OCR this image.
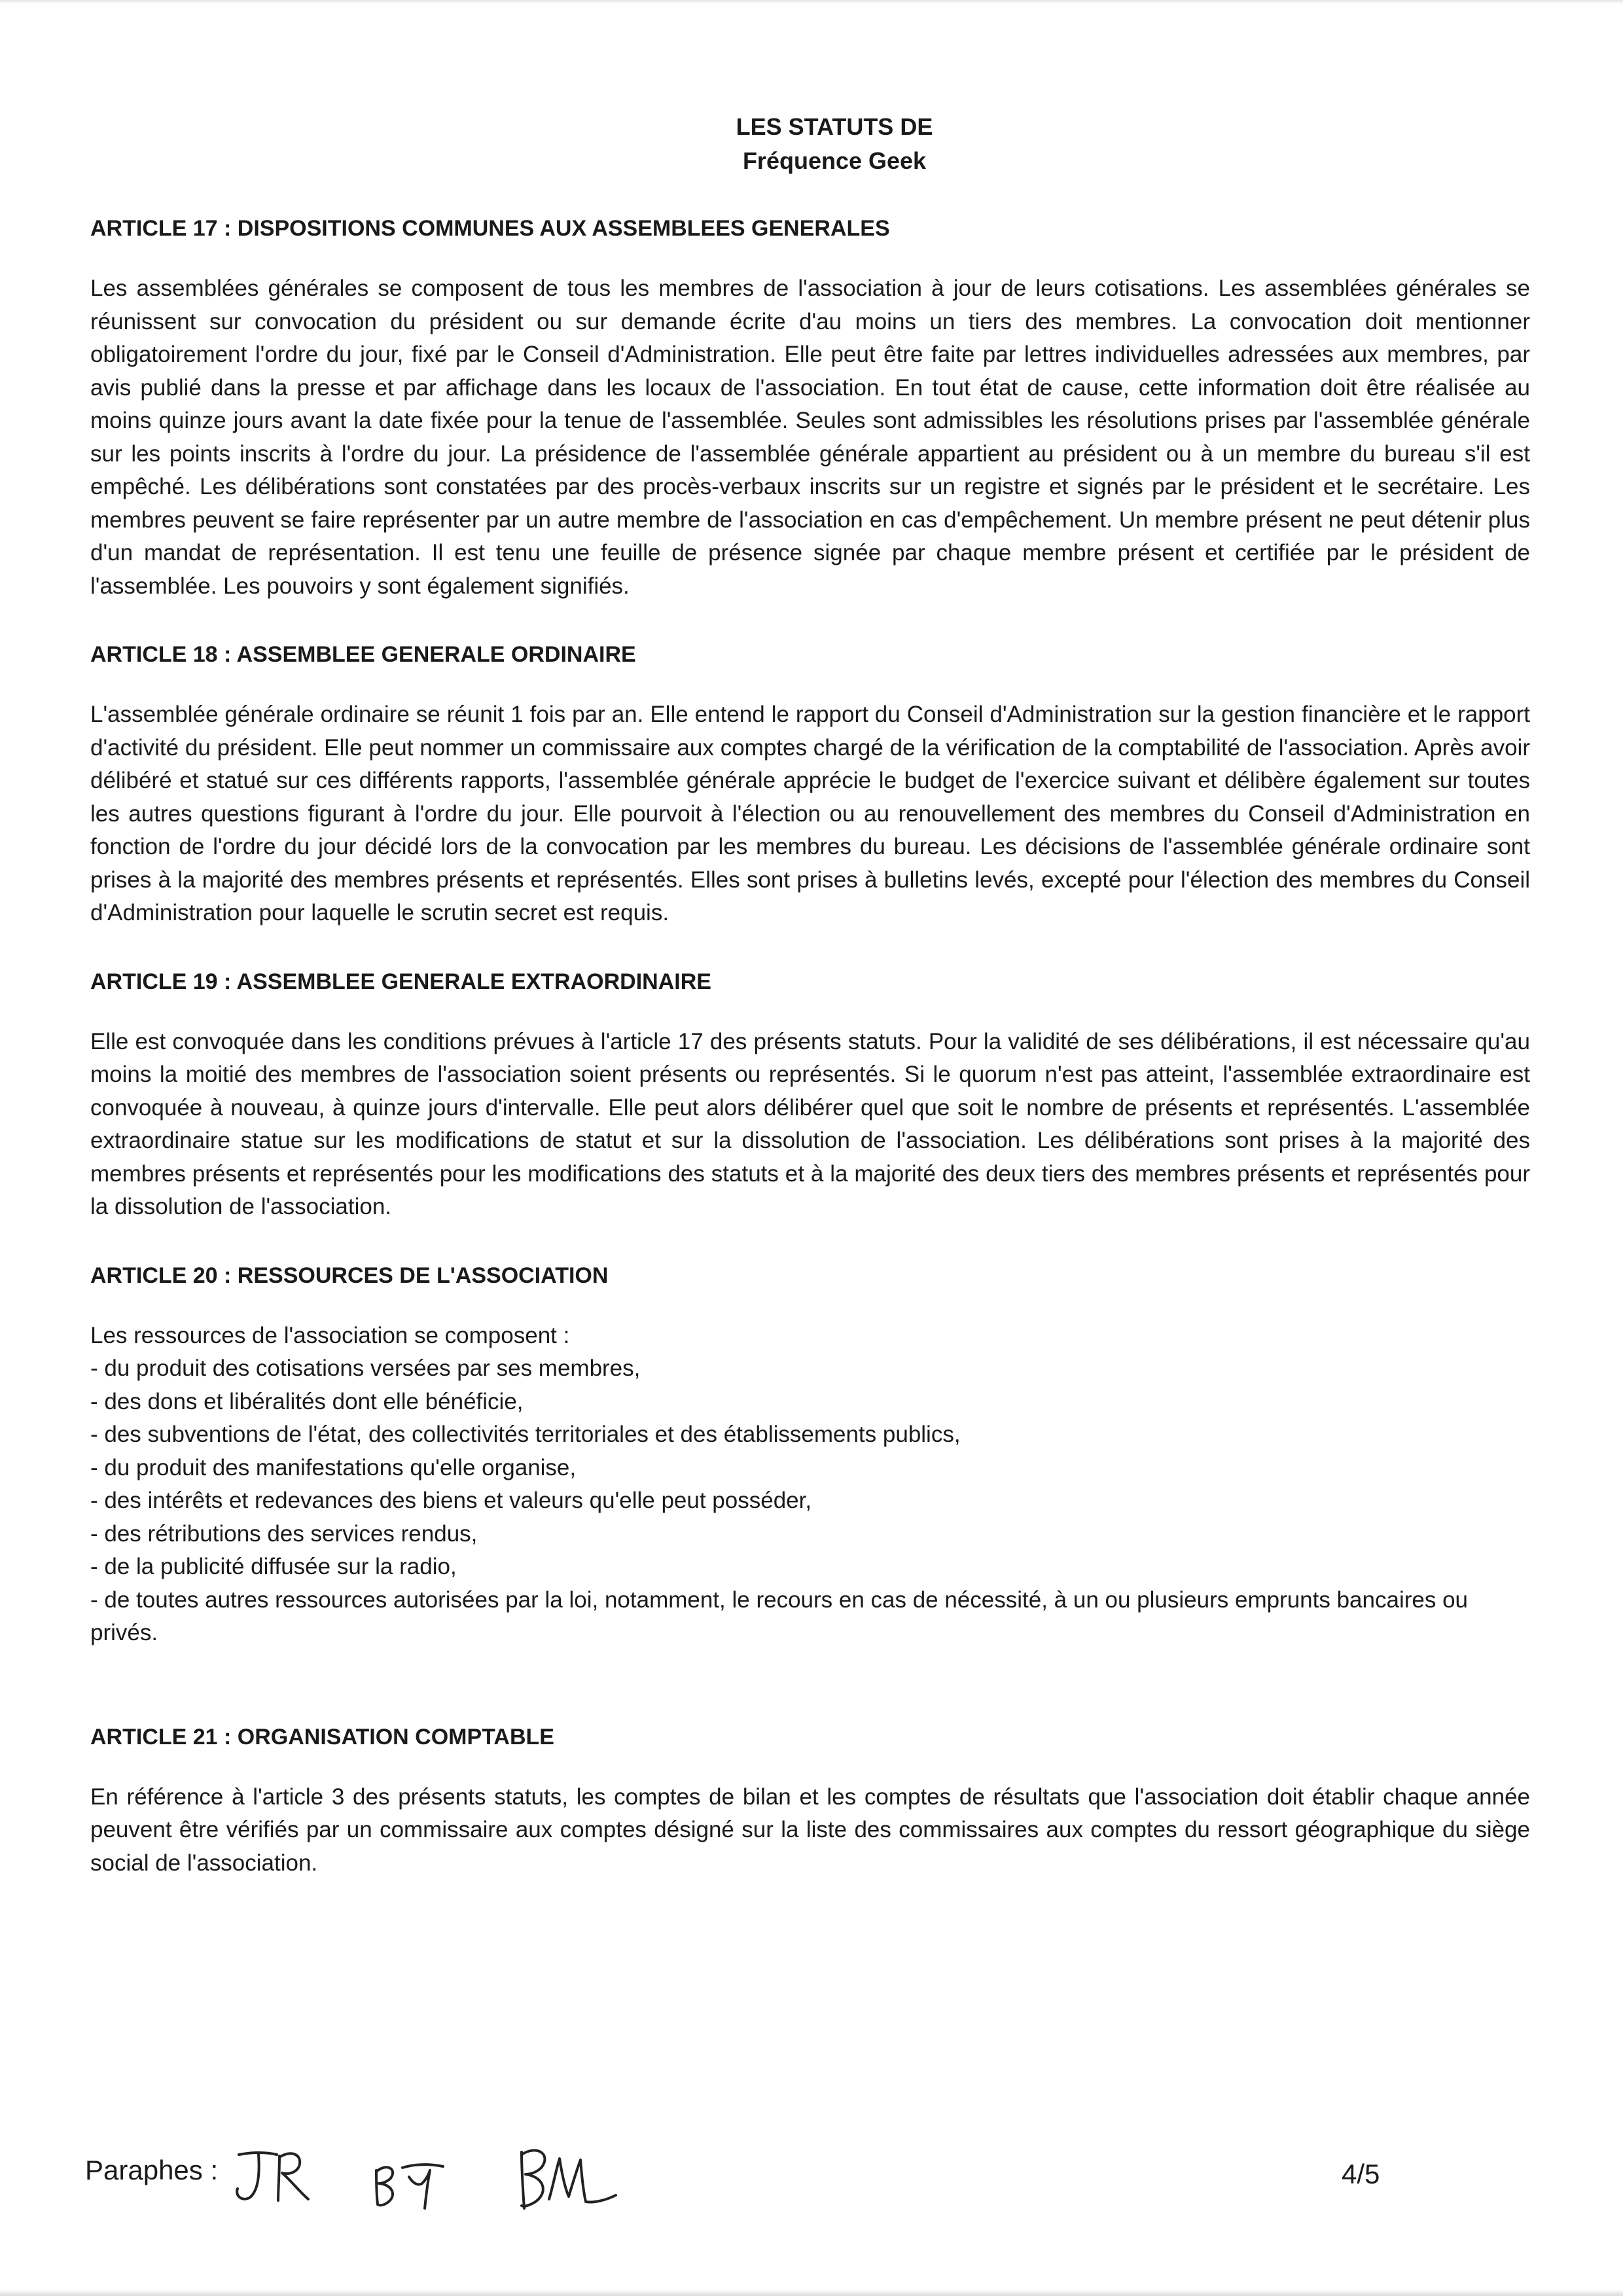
LES STATUTS DE
Fréquence Geek

ARTICLE 17 : DISPOSITIONS COMMUNES AUX ASSEMBLEES GENERALES

Les assemblées générales se composent de tous les membres de l'association à jour de leurs cotisations. Les assemblées générales se réunissent sur convocation du président ou sur demande écrite d'au moins un tiers des membres. La convocation doit mentionner obligatoirement l'ordre du jour, fixé par le Conseil d'Administration. Elle peut être faite par lettres individuelles adressées aux membres, par avis publié dans la presse et par affichage dans les locaux de l'association. En tout état de cause, cette information doit être réalisée au moins quinze jours avant la date fixée pour la tenue de l'assemblée. Seules sont admissibles les résolutions prises par l'assemblée générale sur les points inscrits à l'ordre du jour. La présidence de l'assemblée générale appartient au président ou à un membre du bureau s'il est empêché. Les délibérations sont constatées par des procès-verbaux inscrits sur un registre et signés par le président et le secrétaire. Les membres peuvent se faire représenter par un autre membre de l'association en cas d'empêchement. Un membre présent ne peut détenir plus d'un mandat de représentation. Il est tenu une feuille de présence signée par chaque membre présent et certifiée par le président de l'assemblée. Les pouvoirs y sont également signifiés.

ARTICLE 18 : ASSEMBLEE GENERALE ORDINAIRE

L'assemblée générale ordinaire se réunit 1 fois par an. Elle entend le rapport du Conseil d'Administration sur la gestion financière et le rapport d'activité du président. Elle peut nommer un commissaire aux comptes chargé de la vérification de la comptabilité de l'association. Après avoir délibéré et statué sur ces différents rapports, l'assemblée générale apprécie le budget de l'exercice suivant et délibère également sur toutes les autres questions figurant à l'ordre du jour. Elle pourvoit à l'élection ou au renouvellement des membres du Conseil d'Administration en fonction de l'ordre du jour décidé lors de la convocation par les membres du bureau. Les décisions de l'assemblée générale ordinaire sont prises à la majorité des membres présents et représentés. Elles sont prises à bulletins levés, excepté pour l'élection des membres du Conseil d'Administration pour laquelle le scrutin secret est requis.

ARTICLE 19 : ASSEMBLEE GENERALE EXTRAORDINAIRE

Elle est convoquée dans les conditions prévues à l'article 17 des présents statuts. Pour la validité de ses délibérations, il est nécessaire qu'au moins la moitié des membres de l'association soient présents ou représentés. Si le quorum n'est pas atteint, l'assemblée extraordinaire est convoquée à nouveau, à quinze jours d'intervalle. Elle peut alors délibérer quel que soit le nombre de présents et représentés. L'assemblée extraordinaire statue sur les modifications de statut et sur la dissolution de l'association. Les délibérations sont prises à la majorité des membres présents et représentés pour les modifications des statuts et à la majorité des deux tiers des membres présents et représentés pour la dissolution de l'association.

ARTICLE 20 : RESSOURCES DE L'ASSOCIATION

Les ressources de l'association se composent :

- du produit des cotisations versées par ses membres,
- des dons et libéralités dont elle bénéficie,
- des subventions de l'état, des collectivités territoriales et des établissements publics,
- du produit des manifestations qu'elle organise,
- des intérêts et redevances des biens et valeurs qu'elle peut posséder,
- des rétributions des services rendus,
- de la publicité diffusée sur la radio,
- de toutes autres ressources autorisées par la loi, notamment, le recours en cas de nécessité, à un ou plusieurs emprunts bancaires ou privés.

ARTICLE 21 : ORGANISATION COMPTABLE

En référence à l'article 3 des présents statuts, les comptes de bilan et les comptes de résultats que l'association doit établir chaque année peuvent être vérifiés par un commissaire aux comptes désigné sur la liste des commissaires aux comptes du ressort géographique du siège social de l'association.

Paraphes :	4/5
